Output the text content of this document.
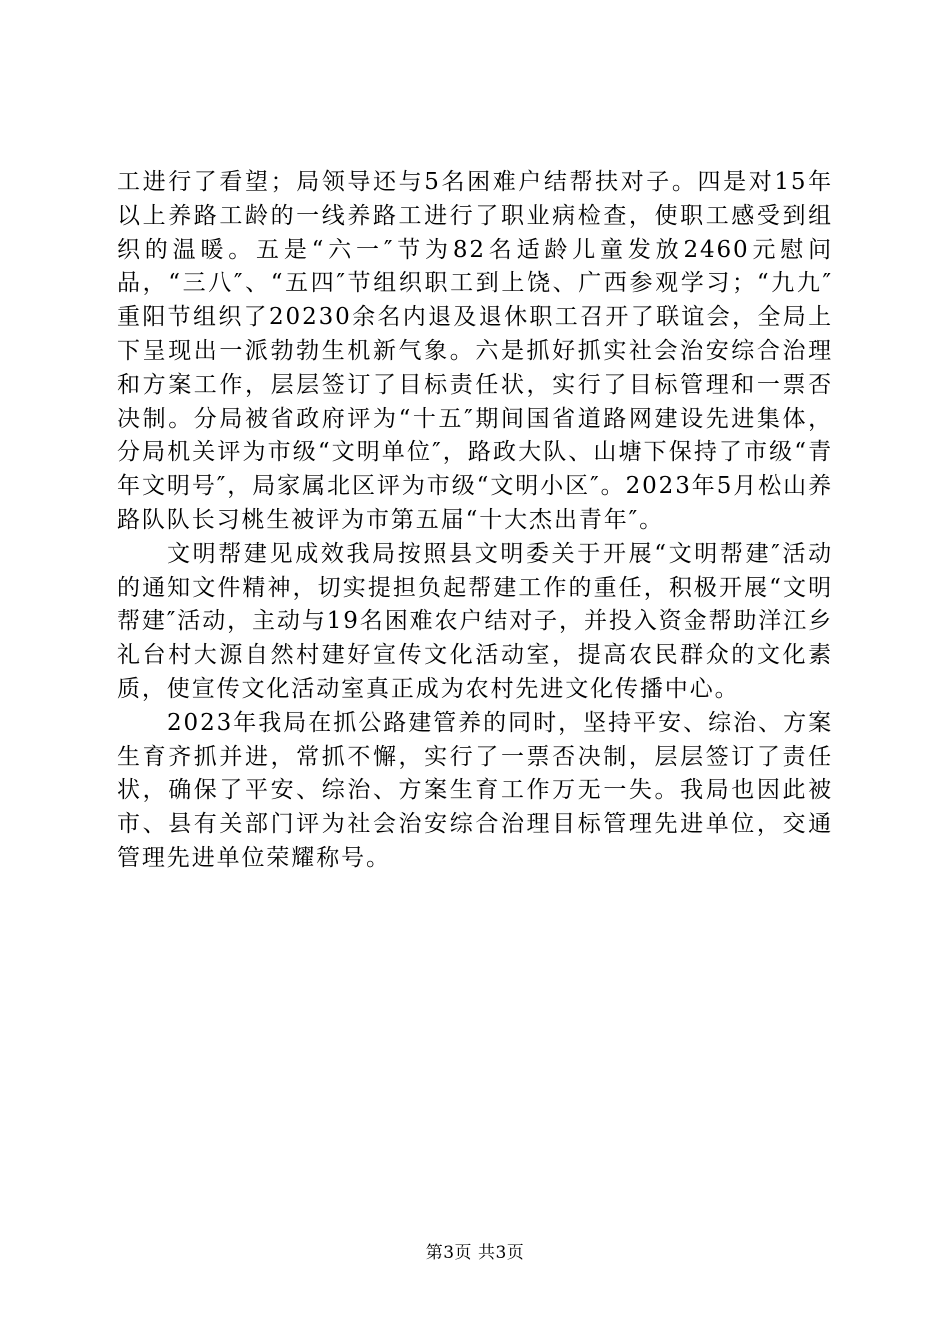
工进行了看望；局领导还与5名困难户结帮扶对子。四是对15年以上养路工龄的一线养路工进行了职业病检查，使职工感受到组织的温暖。五是“六一″节为82名适龄儿童发放2460元慰问品，“三八″、“五四″节组织职工到上饶、广西参观学习；“九九″重阳节组织了20230余名内退及退休职工召开了联谊会，全局上下呈现出一派勃勃生机新气象。六是抓好抓实社会治安综合治理和方案工作，层层签订了目标责任状，实行了目标管理和一票否决制。分局被省政府评为“十五″期间国省道路网建设先进集体，分局机关评为市级“文明单位″，路政大队、山塘下保持了市级“青年文明号″，局家属北区评为市级“文明小区″。2023年5月松山养路队队长习桃生被评为市第五届“十大杰出青年″。

文明帮建见成效我局按照县文明委关于开展“文明帮建″活动的通知文件精神，切实提担负起帮建工作的重任，积极开展“文明帮建″活动，主动与19名困难农户结对子，并投入资金帮助洋江乡礼台村大源自然村建好宣传文化活动室，提高农民群众的文化素质，使宣传文化活动室真正成为农村先进文化传播中心。

2023年我局在抓公路建管养的同时，坚持平安、综治、方案生育齐抓并进，常抓不懈，实行了一票否决制，层层签订了责任状，确保了平安、综治、方案生育工作万无一失。我局也因此被市、县有关部门评为社会治安综合治理目标管理先进单位，交通管理先进单位荣耀称号。

第3页 共3页
